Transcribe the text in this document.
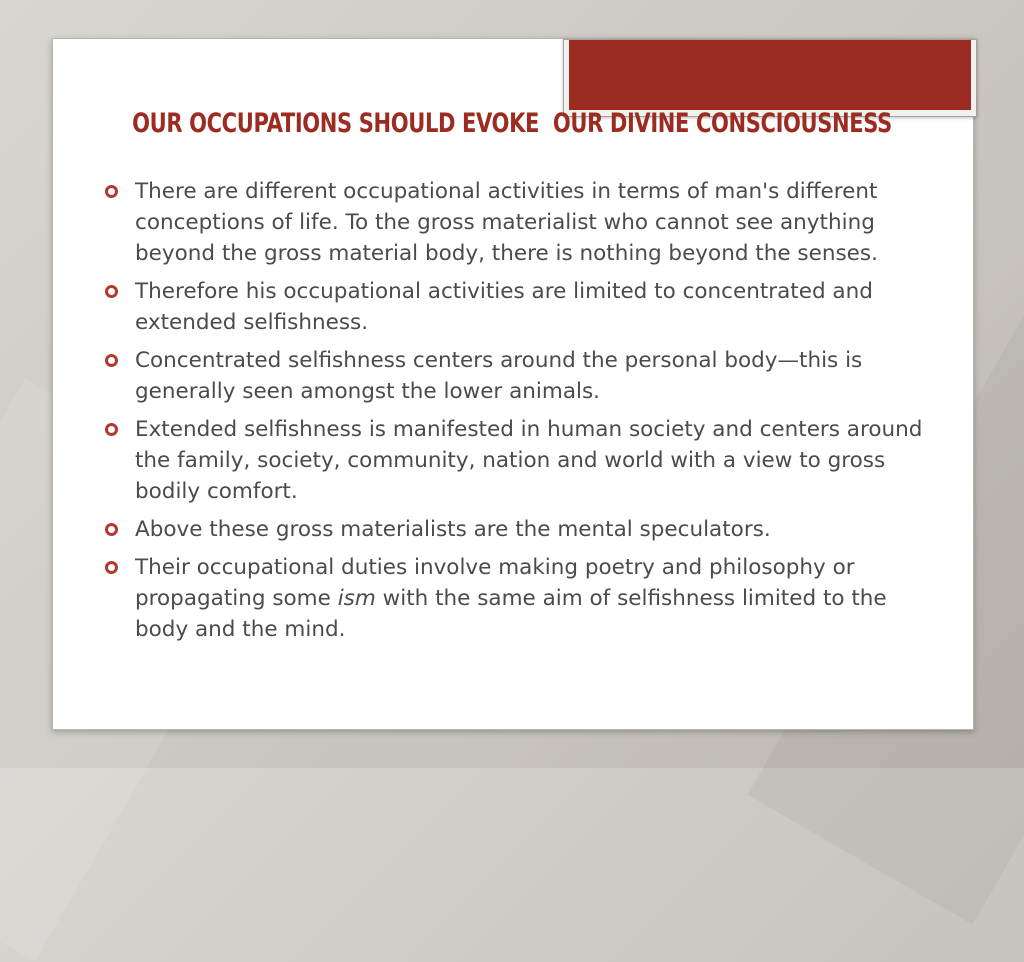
OUR OCCUPATIONS SHOULD EVOKE  OUR DIVINE CONSCIOUSNESS
There are different occupational activities in terms of man's different conceptions of life. To the gross materialist who cannot see anything beyond the gross material body, there is nothing beyond the senses.
Therefore his occupational activities are limited to concentrated and extended selfishness.
Concentrated selfishness centers around the personal body—this is generally seen amongst the lower animals.
Extended selfishness is manifested in human society and centers around the family, society, community, nation and world with a view to gross bodily comfort.
Above these gross materialists are the mental speculators.
Their occupational duties involve making poetry and philosophy or propagating some ism with the same aim of selfishness limited to the body and the mind.
